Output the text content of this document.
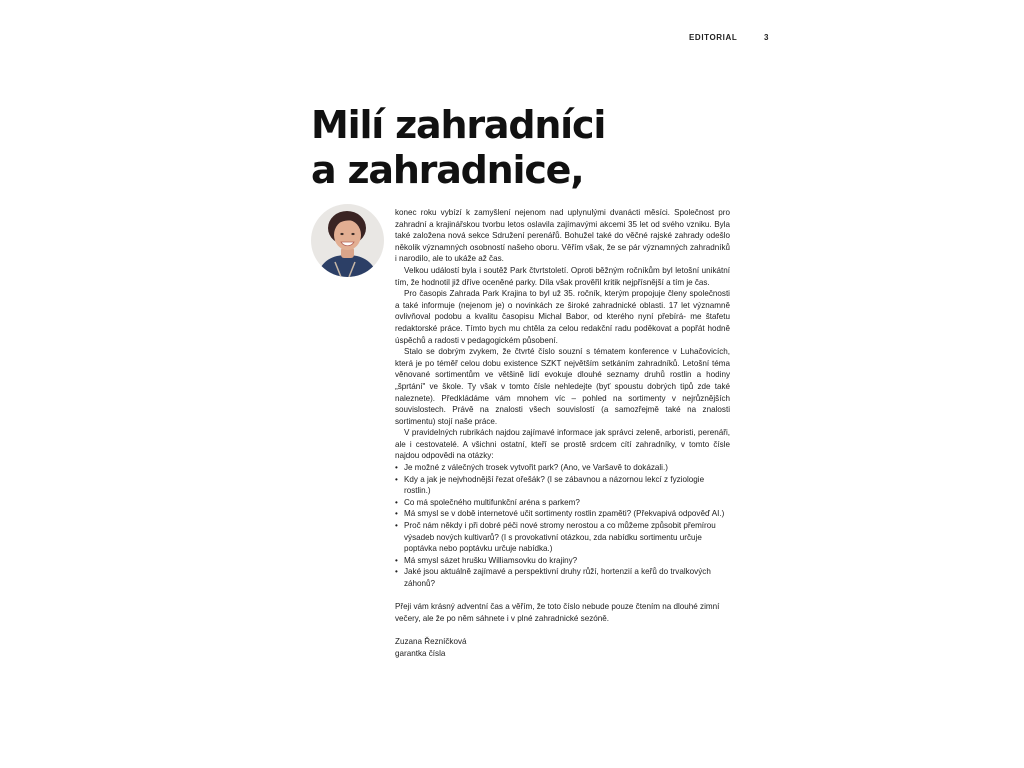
EDITORIAL	3
Milí zahradníci
a zahradnice,

konec roku vybízí k zamyšlení nejenom nad uplynulými dvanácti měsíci. Společnost pro zahradní a krajinářskou tvorbu letos oslavila zajímavými akcemi 35 let od svého vzniku. Byla také založena nová sekce Sdružení perenářů. Bohužel také do věčné rajské zahrady odešlo několik významných osobností našeho oboru. Věřím však, že se pár významných zahradníků i narodilo, ale to ukáže až čas.

Velkou událostí byla i soutěž Park čtvrtstoletí. Oproti běžným ročníkům byl letošní unikátní tím, že hodnotil již dříve oceněné parky. Díla však prověřil kritik nejpřísnější a tím je čas.

Pro časopis Zahrada Park Krajina to byl už 35. ročník, kterým propojuje členy společnosti a také informuje (nejenom je) o novinkách ze široké zahradnické oblasti. 17 let významně ovlivňoval podobu a kvalitu časopisu Michal Babor, od kterého nyní přebírá- me štafetu redaktorské práce. Tímto bych mu chtěla za celou redakční radu poděkovat a popřát hodně úspěchů a radosti v pedagogickém působení.

Stalo se dobrým zvykem, že čtvrté číslo souzní s tématem konference v Luhačovicích, která je po téměř celou dobu existence SZKT největším setkáním zahradníků. Letošní téma věnované sortimentům ve většině lidí evokuje dlouhé seznamy druhů rostlin a hodiny „šprtání" ve škole. Ty však v tomto čísle nehledejte (byť spoustu dobrých tipů zde také naleznete). Předkládáme vám mnohem víc – pohled na sortimenty v nejrůznějších souvislostech. Právě na znalosti všech souvislostí (a samozřejmě také na znalosti sortimentu) stojí naše práce.

V pravidelných rubrikách najdou zajímavé informace jak správci zeleně, arboristi, perenáři, ale i cestovatelé. A všichni ostatní, kteří se prostě srdcem cítí zahradníky, v tomto čísle najdou odpovědi na otázky:

• Je možné z válečných trosek vytvořit park? (Ano, ve Varšavě to dokázali.)
• Kdy a jak je nejvhodnější řezat ořešák? (I se zábavnou a názornou lekcí z fyziologie rostlin.)
• Co má společného multifunkční aréna s parkem?
• Má smysl se v době internetové učit sortimenty rostlin zpaměti? (Překvapivá odpověď AI.)
• Proč nám někdy i při dobré péči nové stromy nerostou a co můžeme způsobit přemírou výsadeb nových kultivarů? (I s provokativní otázkou, zda nabídku sortimentu určuje poptávka nebo poptávku určuje nabídka.)
• Má smysl sázet hrušku Williamsovku do krajiny?
• Jaké jsou aktuálně zajímavé a perspektivní druhy růží, hortenzií a keřů do trvalkových záhonů?

Přeji vám krásný adventní čas a věřím, že toto číslo nebude pouze čtením na dlouhé zimní večery, ale že po něm sáhnete i v plné zahradnické sezóně.

Zuzana Řezníčková
garantka čísla
